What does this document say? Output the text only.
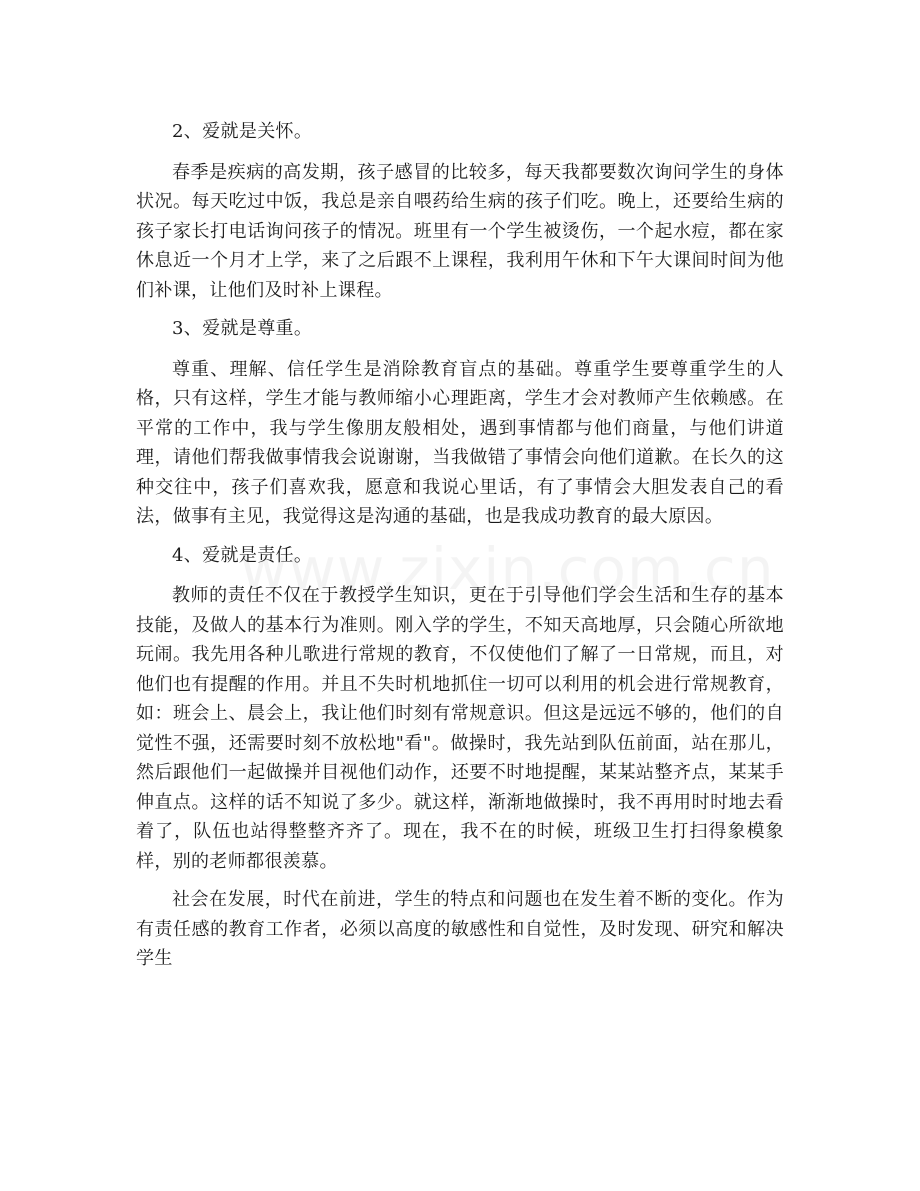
2、爱就是关怀。

春季是疾病的高发期，孩子感冒的比较多，每天我都要数次询问学生的身体状况。每天吃过中饭，我总是亲自喂药给生病的孩子们吃。晚上，还要给生病的孩子家长打电话询问孩子的情况。班里有一个学生被烫伤，一个起水痘，都在家休息近一个月才上学，来了之后跟不上课程，我利用午休和下午大课间时间为他们补课，让他们及时补上课程。

3、爱就是尊重。

尊重、理解、信任学生是消除教育盲点的基础。尊重学生要尊重学生的人格，只有这样，学生才能与教师缩小心理距离，学生才会对教师产生依赖感。在平常的工作中，我与学生像朋友般相处，遇到事情都与他们商量，与他们讲道理，请他们帮我做事情我会说谢谢，当我做错了事情会向他们道歉。在长久的这种交往中，孩子们喜欢我，愿意和我说心里话，有了事情会大胆发表自己的看法，做事有主见，我觉得这是沟通的基础，也是我成功教育的最大原因。

4、爱就是责任。

教师的责任不仅在于教授学生知识，更在于引导他们学会生活和生存的基本技能，及做人的基本行为准则。刚入学的学生，不知天高地厚，只会随心所欲地玩闹。我先用各种儿歌进行常规的教育，不仅使他们了解了一日常规，而且，对他们也有提醒的作用。并且不失时机地抓住一切可以利用的机会进行常规教育，如：班会上、晨会上，我让他们时刻有常规意识。但这是远远不够的，他们的自觉性不强，还需要时刻不放松地"看"。做操时，我先站到队伍前面，站在那儿，然后跟他们一起做操并目视他们动作，还要不时地提醒，某某站整齐点，某某手伸直点。这样的话不知说了多少。就这样，渐渐地做操时，我不再用时时地去看着了，队伍也站得整整齐齐了。现在，我不在的时候，班级卫生打扫得象模象样，别的老师都很羡慕。

社会在发展，时代在前进，学生的特点和问题也在发生着不断的变化。作为有责任感的教育工作者，必须以高度的敏感性和自觉性，及时发现、研究和解决学生
